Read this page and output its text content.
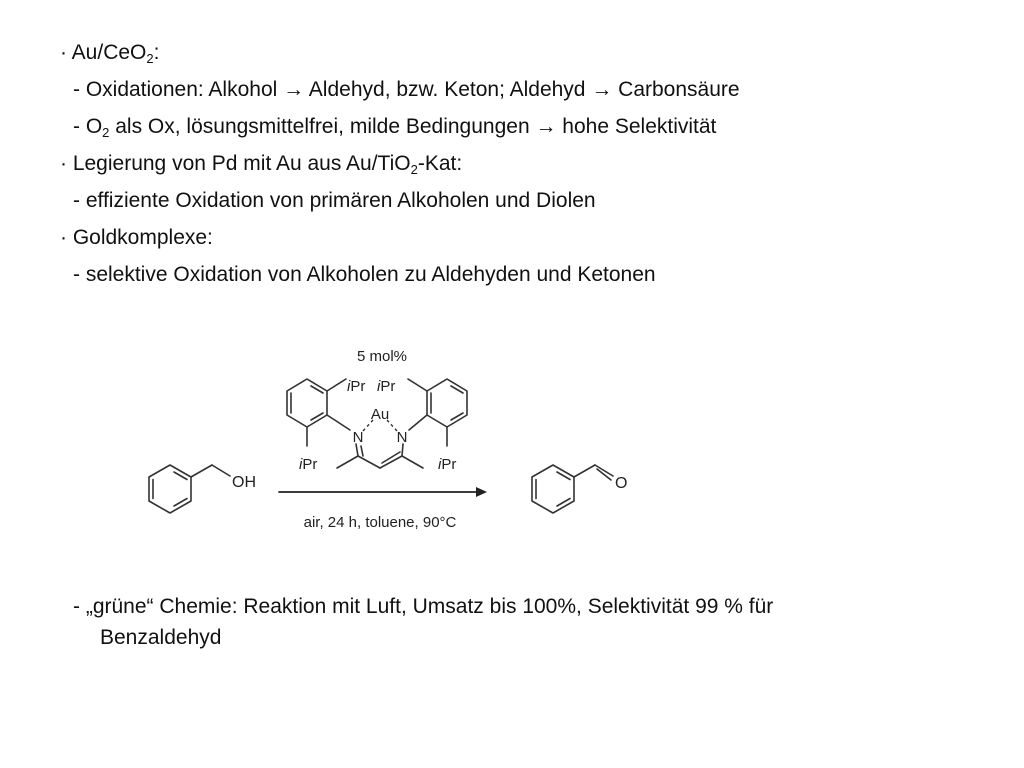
· Au/CeO$_2$:
- Oxidationen: Alkohol → Aldehyd, bzw. Keton; Aldehyd → Carbonsäure
- $O_2$ als Ox, lösungsmittelfrei, milde Bedingungen → hohe Selektivität
· Legierung von Pd mit Au aus Au/TiO$_2$-Kat:
- effiziente Oxidation von primären Alkoholen und Diolen
· Goldkomplexe:
- selektive Oxidation von Alkoholen zu Aldehyden und Ketonen
5 mol%
iPr iPr
Au
N N
iPr	iPr
OH	O
air, 24 h, toluene, 90°C
- „grüne“ Chemie: Reaktion mit Luft, Umsatz bis 100%, Selektivität 99 % für
Benzaldehyd
